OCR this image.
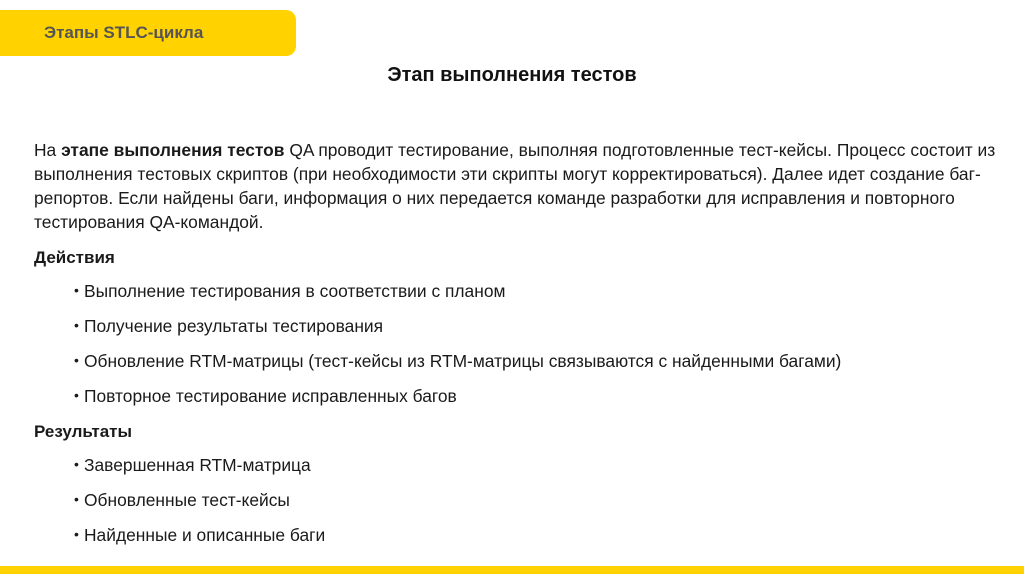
Этапы STLC-цикла
Этап выполнения тестов

На этапе выполнения тестов QA проводит тестирование, выполняя подготовленные тест-кейсы. Процесс состоит из выполнения тестовых скриптов (при необходимости эти скрипты могут корректироваться). Далее идет создание баг-репортов. Если найдены баги, информация о них передается команде разработки для исправления и повторного тестирования QA-командой.

Действия
• Выполнение тестирования в соответствии с планом
• Получение результаты тестирования
• Обновление RTM-матрицы (тест-кейсы из RTM-матрицы связываются с найденными багами)
• Повторное тестирование исправленных багов
Результаты
• Завершенная RTM-матрица
• Обновленные тест-кейсы
• Найденные и описанные баги
